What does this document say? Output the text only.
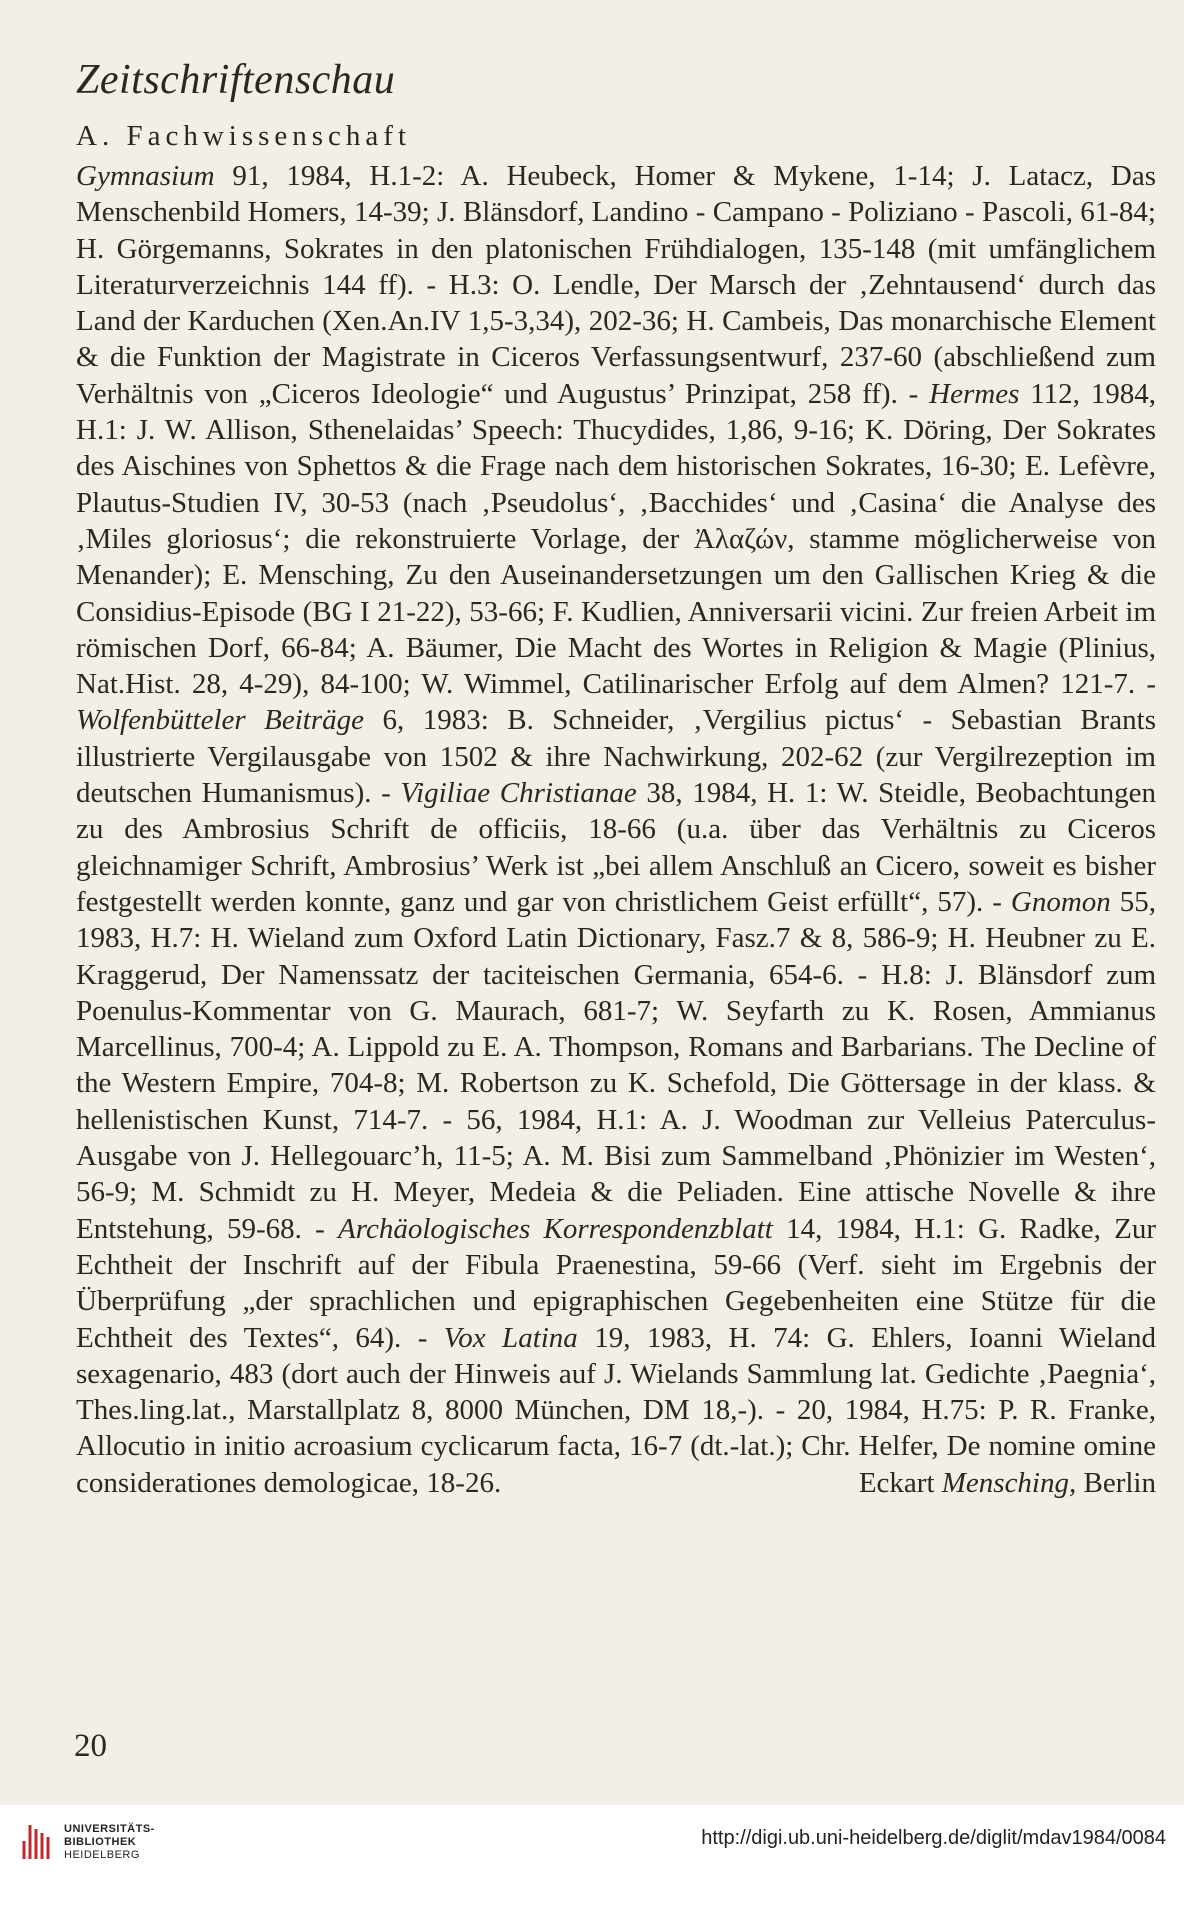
Zeitschriftenschau
A. Fachwissenschaft

Gymnasium 91, 1984, H.1-2: A. Heubeck, Homer & Mykene, 1-14; J. Latacz, Das Menschenbild Homers, 14-39; J. Blänsdorf, Landino - Campano - Poliziano - Pascoli, 61-84; H. Görgemanns, Sokrates in den platonischen Frühdialogen, 135-148 (mit umfänglichem Literaturverzeichnis 144 ff). - H.3: O. Lendle, Der Marsch der ‚Zehntausend‘ durch das Land der Karduchen (Xen.An.IV 1,5-3,34), 202-36; H. Cambeis, Das monarchische Element & die Funktion der Magistrate in Ciceros Verfassungsentwurf, 237-60 (abschließend zum Verhältnis von „Ciceros Ideologie“ und Augustus’ Prinzipat, 258 ff). - Hermes 112, 1984, H.1: J. W. Allison, Sthenelaidas’ Speech: Thucydides, 1,86, 9-16; K. Döring, Der Sokrates des Aischines von Sphettos & die Frage nach dem historischen Sokrates, 16-30; E. Lefèvre, Plautus-Studien IV, 30-53 (nach ‚Pseudolus‘, ‚Bacchides‘ und ‚Casina‘ die Analyse des ‚Miles gloriosus‘; die rekonstruierte Vorlage, der Ἀλαζών, stamme möglicherweise von Menander); E. Mensching, Zu den Auseinandersetzungen um den Gallischen Krieg & die Considius-Episode (BG I 21-22), 53-66; F. Kudlien, Anniversarii vicini. Zur freien Arbeit im römischen Dorf, 66-84; A. Bäumer, Die Macht des Wortes in Religion & Magie (Plinius, Nat.Hist. 28, 4-29), 84-100; W. Wimmel, Catilinarischer Erfolg auf dem Almen? 121-7. - Wolfenbütteler Beiträge 6, 1983: B. Schneider, ‚Vergilius pictus‘ - Sebastian Brants illustrierte Vergilausgabe von 1502 & ihre Nachwirkung, 202-62 (zur Vergilrezeption im deutschen Humanismus). - Vigiliae Christianae 38, 1984, H. 1: W. Steidle, Beobachtungen zu des Ambrosius Schrift de officiis, 18-66 (u.a. über das Verhältnis zu Ciceros gleichnamiger Schrift, Ambrosius’ Werk ist „bei allem Anschluß an Cicero, soweit es bisher festgestellt werden konnte, ganz und gar von christlichem Geist erfüllt“, 57). - Gnomon 55, 1983, H.7: H. Wieland zum Oxford Latin Dictionary, Fasz.7 & 8, 586-9; H. Heubner zu E. Kraggerud, Der Namenssatz der taciteischen Germania, 654-6. - H.8: J. Blänsdorf zum Poenulus-Kommentar von G. Maurach, 681-7; W. Seyfarth zu K. Rosen, Ammianus Marcellinus, 700-4; A. Lippold zu E. A. Thompson, Romans and Barbarians. The Decline of the Western Empire, 704-8; M. Robertson zu K. Schefold, Die Göttersage in der klass. & hellenistischen Kunst, 714-7. - 56, 1984, H.1: A. J. Woodman zur Velleius Paterculus-Ausgabe von J. Hellegouarc’h, 11-5; A. M. Bisi zum Sammelband ‚Phönizier im Westen‘, 56-9; M. Schmidt zu H. Meyer, Medeia & die Peliaden. Eine attische Novelle & ihre Entstehung, 59-68. - Archäologisches Korrespondenzblatt 14, 1984, H.1: G. Radke, Zur Echtheit der Inschrift auf der Fibula Praenestina, 59-66 (Verf. sieht im Ergebnis der Überprüfung „der sprachlichen und epigraphischen Gegebenheiten eine Stütze für die Echtheit des Textes“, 64). - Vox Latina 19, 1983, H. 74: G. Ehlers, Ioanni Wieland sexagenario, 483 (dort auch der Hinweis auf J. Wielands Sammlung lat. Gedichte ‚Paegnia‘, Thes.ling.lat., Marstallplatz 8, 8000 München, DM 18,-). - 20, 1984, H.75: P. R. Franke, Allocutio in initio acroasium cyclicarum facta, 16-7 (dt.-lat.); Chr. Helfer, De nomine omine considerationes demologicae, 18-26.	Eckart Mensching, Berlin

20
UNIVERSITÄTS-
BIBLIOTHEK
HEIDELBERG
http://digi.ub.uni-heidelberg.de/diglit/mdav1984/0084
